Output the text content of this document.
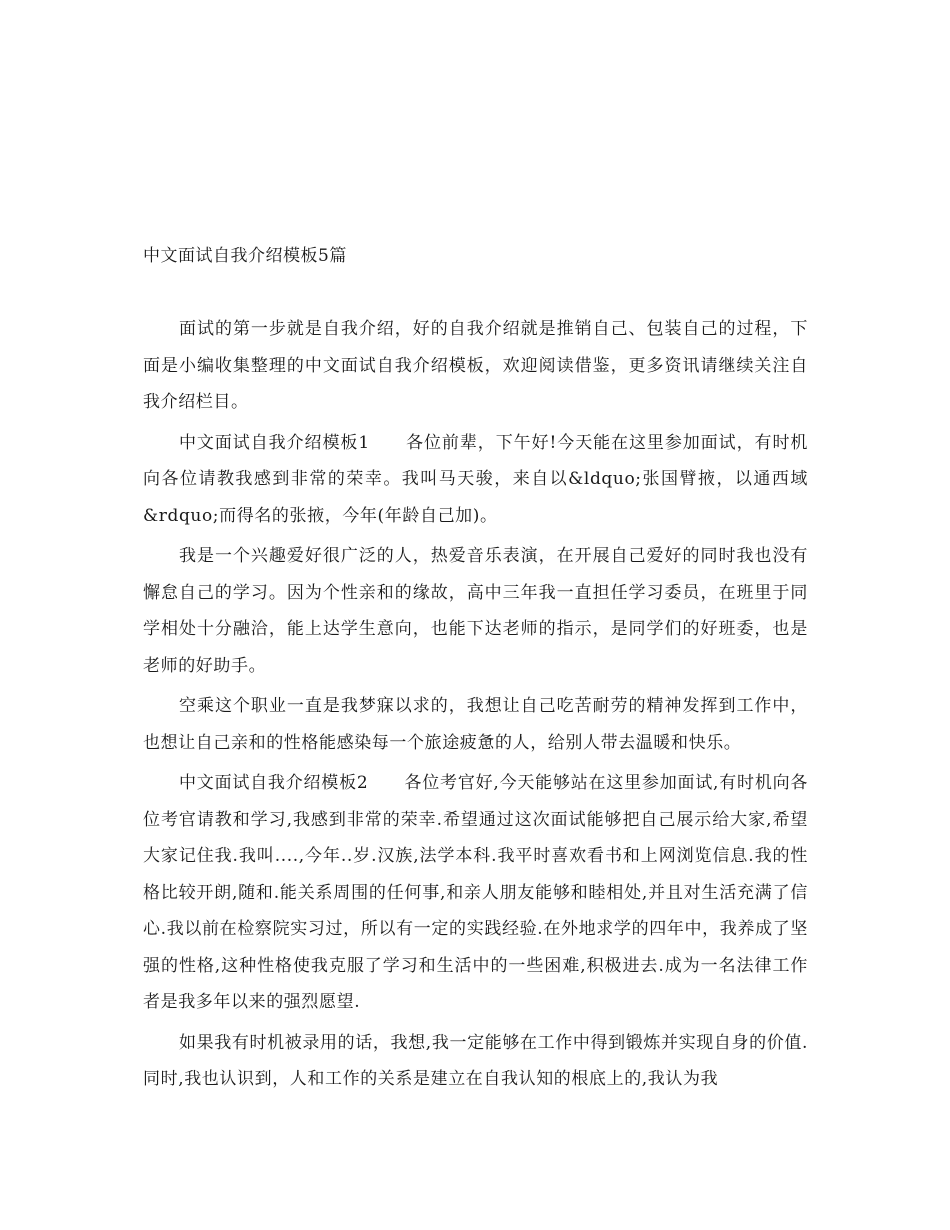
中文面试自我介绍模板5篇

面试的第一步就是自我介绍，好的自我介绍就是推销自己、包装自己的过程，下面是小编收集整理的中文面试自我介绍模板，欢迎阅读借鉴，更多资讯请继续关注自我介绍栏目。

中文面试自我介绍模板1 各位前辈，下午好!今天能在这里参加面试，有时机向各位请教我感到非常的荣幸。我叫马天骏，来自以&ldquo;张国臂掖，以通西域&rdquo;而得名的张掖，今年(年龄自己加)。

我是一个兴趣爱好很广泛的人，热爱音乐表演，在开展自己爱好的同时我也没有懈怠自己的学习。因为个性亲和的缘故，高中三年我一直担任学习委员，在班里于同学相处十分融洽，能上达学生意向，也能下达老师的指示，是同学们的好班委，也是老师的好助手。

空乘这个职业一直是我梦寐以求的，我想让自己吃苦耐劳的精神发挥到工作中，也想让自己亲和的性格能感染每一个旅途疲惫的人，给别人带去温暖和快乐。

中文面试自我介绍模板2 各位考官好,今天能够站在这里参加面试,有时机向各位考官请教和学习,我感到非常的荣幸.希望通过这次面试能够把自己展示给大家,希望大家记住我.我叫....,今年..岁.汉族,法学本科.我平时喜欢看书和上网浏览信息.我的性格比较开朗,随和.能关系周围的任何事,和亲人朋友能够和睦相处,并且对生活充满了信心.我以前在检察院实习过，所以有一定的实践经验.在外地求学的四年中，我养成了坚强的性格,这种性格使我克服了学习和生活中的一些困难,积极进去.成为一名法律工作者是我多年以来的强烈愿望.

如果我有时机被录用的话，我想,我一定能够在工作中得到锻炼并实现自身的价值.同时,我也认识到，人和工作的关系是建立在自我认知的根底上的,我认为我
